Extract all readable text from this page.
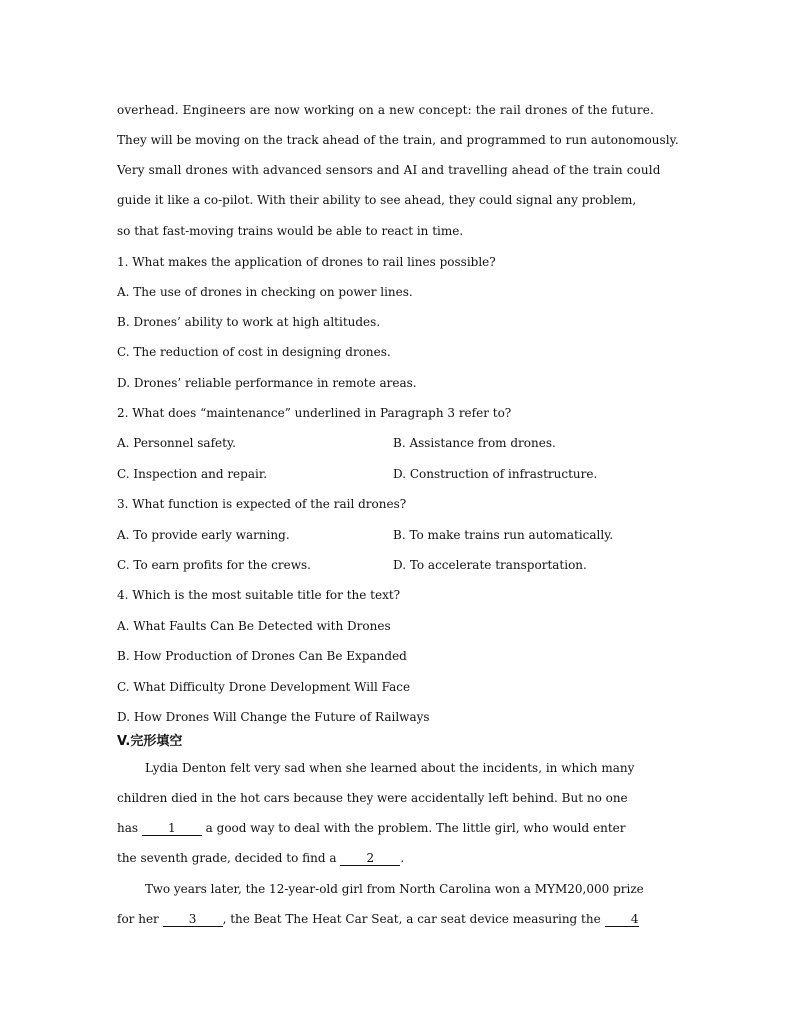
overhead. Engineers are now working on a new concept: the rail drones of the future.
They will be moving on the track ahead of the train, and programmed to run autonomously.
Very small drones with advanced sensors and AI and travelling ahead of the train could
guide it like a co-pilot. With their ability to see ahead, they could signal any problem,
so that fast-moving trains would be able to react in time.
1. What makes the application of drones to rail lines possible?
A. The use of drones in checking on power lines.
B. Drones’ ability to work at high altitudes.
C. The reduction of cost in designing drones.
D. Drones’ reliable performance in remote areas.
2. What does “maintenance” underlined in Paragraph 3 refer to?
A. Personnel safety.	B. Assistance from drones.
C. Inspection and repair.	D. Construction of infrastructure.
3. What function is expected of the rail drones?
A. To provide early warning.	B. To make trains run automatically.
C. To earn profits for the crews.	D. To accelerate transportation.
4. Which is the most suitable title for the text?
A. What Faults Can Be Detected with Drones
B. How Production of Drones Can Be Expanded
C. What Difficulty Drone Development Will Face
D. How Drones Will Change the Future of Railways
V.完形填空
Lydia Denton felt very sad when she learned about the incidents, in which many
children died in the hot cars because they were accidentally left behind. But no one
has 1 a good way to deal with the problem. The little girl, who would enter
the seventh grade, decided to find a 2 .
Two years later, the 12-year-old girl from North Carolina won a MYM20,000 prize
for her 3 , the Beat The Heat Car Seat, a car seat device measuring the 4
